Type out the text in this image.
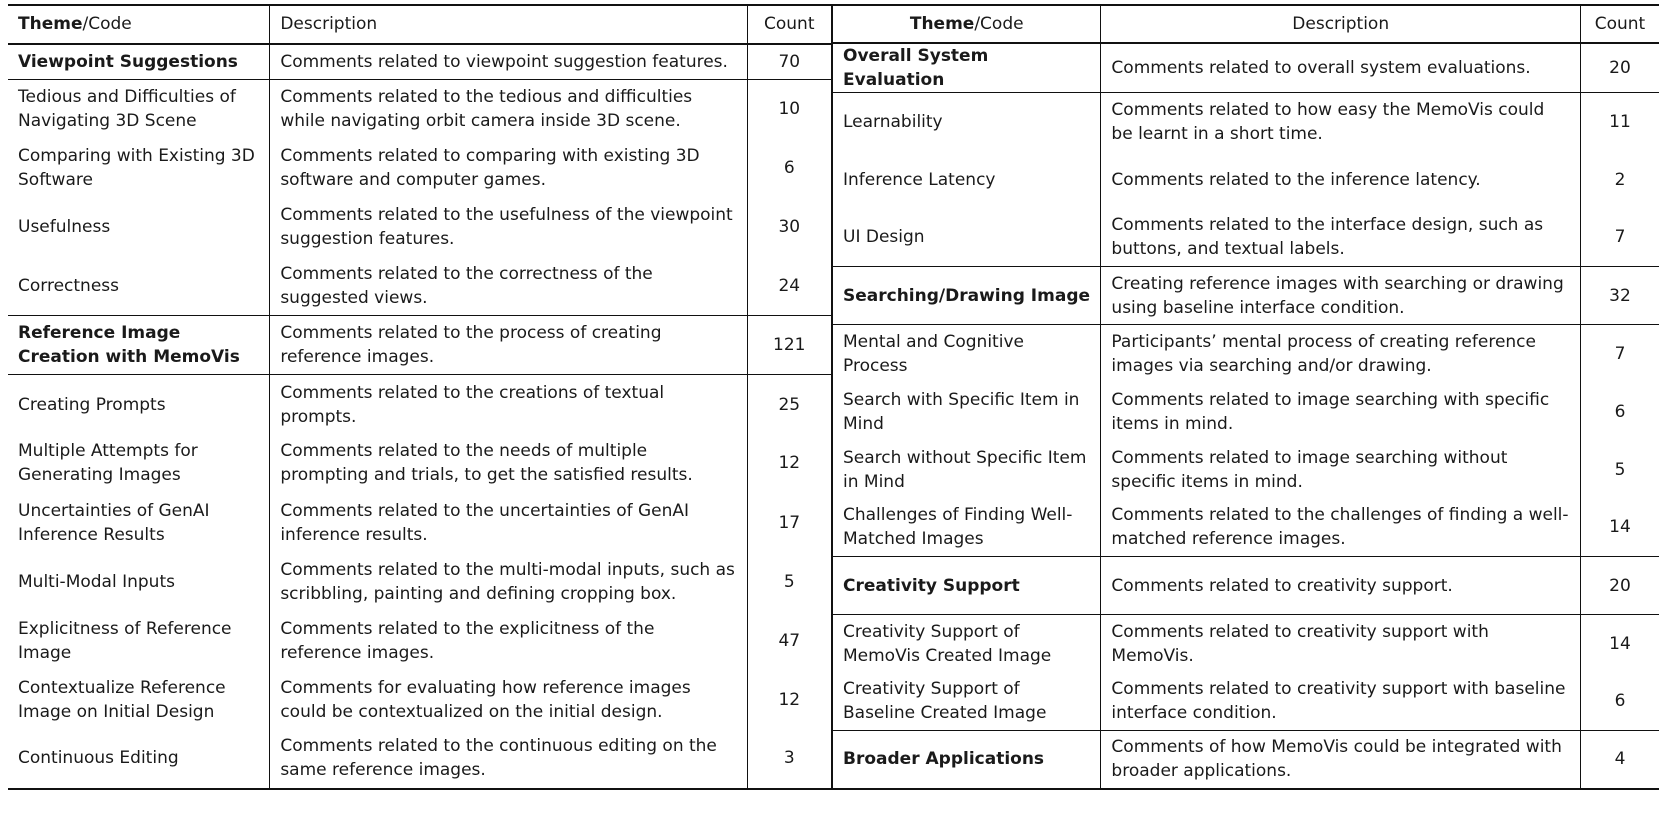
Theme/Code	Description	Count
Viewpoint Suggestions	Comments related to viewpoint suggestion features.	70
Tedious and Difficulties of Navigating 3D Scene	Comments related to the tedious and difficulties while navigating orbit camera inside 3D scene.	10
Comparing with Existing 3D Software	Comments related to comparing with existing 3D software and computer games.	6
Usefulness	Comments related to the usefulness of the viewpoint suggestion features.	30
Correctness	Comments related to the correctness of the suggested views.	24
Reference Image Creation with MemoVis	Comments related to the process of creating reference images.	121
Creating Prompts	Comments related to the creations of textual prompts.	25
Multiple Attempts for Generating Images	Comments related to the needs of multiple prompting and trials, to get the satisfied results.	12
Uncertainties of GenAI Inference Results	Comments related to the uncertainties of GenAI inference results.	17
Multi-Modal Inputs	Comments related to the multi-modal inputs, such as scribbling, painting and defining cropping box.	5
Explicitness of Reference Image	Comments related to the explicitness of the reference images.	47
Contextualize Reference Image on Initial Design	Comments for evaluating how reference images could be contextualized on the initial design.	12
Continuous Editing	Comments related to the continuous editing on the same reference images.	3
Theme/Code	Description	Count
Overall System Evaluation	Comments related to overall system evaluations.	20
Learnability	Comments related to how easy the MemoVis could be learnt in a short time.	11
Inference Latency	Comments related to the inference latency.	2
UI Design	Comments related to the interface design, such as buttons, and textual labels.	7
Searching/Drawing Image	Creating reference images with searching or drawing using baseline interface condition.	32
Mental and Cognitive Process	Participants’ mental process of creating reference images via searching and/or drawing.	7
Search with Specific Item in Mind	Comments related to image searching with specific items in mind.	6
Search without Specific Item in Mind	Comments related to image searching without specific items in mind.	5
Challenges of Finding Well-Matched Images	Comments related to the challenges of finding a well-matched reference images.	14
Creativity Support	Comments related to creativity support.	20
Creativity Support of MemoVis Created Image	Comments related to creativity support with MemoVis.	14
Creativity Support of Baseline Created Image	Comments related to creativity support with baseline interface condition.	6
Broader Applications	Comments of how MemoVis could be integrated with broader applications.	4
